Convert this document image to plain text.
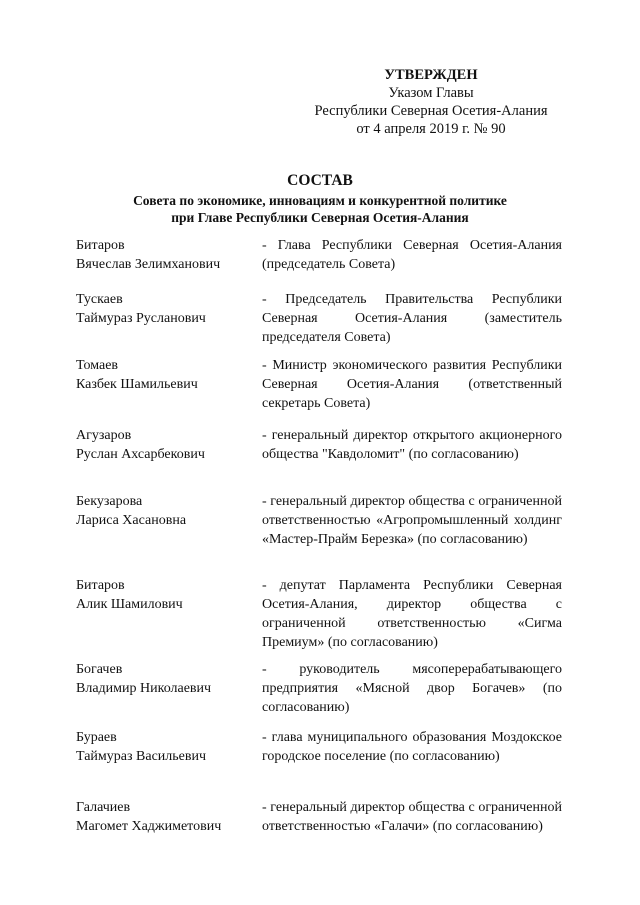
УТВЕРЖДЕН
Указом Главы
Республики Северная Осетия-Алания
от 4 апреля 2019 г. № 90
СОСТАВ
Совета по экономике, инновациям и конкурентной политике
при Главе Республики Северная Осетия-Алания
Битаров
Вячеслав Зелимханович
- Глава Республики Северная Осетия-Алания (председатель Совета)
Тускаев
Таймураз Русланович
- Председатель Правительства Республики Северная Осетия-Алания (заместитель председателя Совета)
Томаев
Казбек Шамильевич
- Министр экономического развития Республики Северная Осетия-Алания (ответственный секретарь Совета)
Агузаров
Руслан Ахсарбекович
- генеральный директор открытого акционерного общества "Кавдоломит" (по согласованию)
Бекузарова
Лариса Хасановна
- генеральный директор общества с ограниченной ответственностью «Агропромышленный холдинг «Мастер-Прайм Березка» (по согласованию)
Битаров
Алик Шамилович
- депутат Парламента Республики Северная Осетия-Алания, директор общества с ограниченной ответственностью «Сигма Премиум» (по согласованию)
Богачев
Владимир Николаевич
- руководитель мясоперерабатывающего предприятия «Мясной двор Богачев» (по согласованию)
Бураев
Таймураз Васильевич
- глава муниципального образования Моздокское городское поселение (по согласованию)
Галачиев
Магомет Хаджиметович
- генеральный директор общества с ограниченной ответственностью «Галачи» (по согласованию)
